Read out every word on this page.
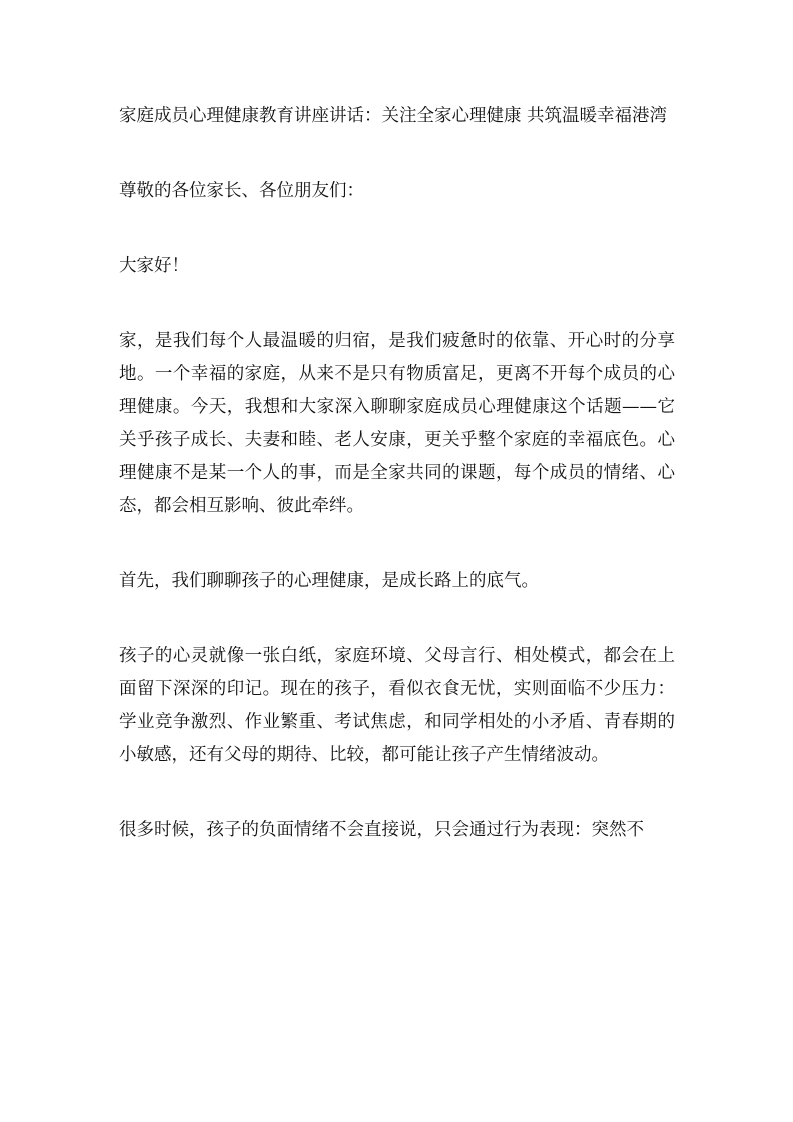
家庭成员心理健康教育讲座讲话：关注全家心理健康 共筑温暖幸福港湾

尊敬的各位家长、各位朋友们：

大家好！

家，是我们每个人最温暖的归宿，是我们疲惫时的依靠、开心时的分享地。一个幸福的家庭，从来不是只有物质富足，更离不开每个成员的心理健康。今天，我想和大家深入聊聊家庭成员心理健康这个话题——它关乎孩子成长、夫妻和睦、老人安康，更关乎整个家庭的幸福底色。心理健康不是某一个人的事，而是全家共同的课题，每个成员的情绪、心态，都会相互影响、彼此牵绊。

首先，我们聊聊孩子的心理健康，是成长路上的底气。

孩子的心灵就像一张白纸，家庭环境、父母言行、相处模式，都会在上面留下深深的印记。现在的孩子，看似衣食无忧，实则面临不少压力：学业竞争激烈、作业繁重、考试焦虑，和同学相处的小矛盾、青春期的小敏感，还有父母的期待、比较，都可能让孩子产生情绪波动。

很多时候，孩子的负面情绪不会直接说，只会通过行为表现：突然不
